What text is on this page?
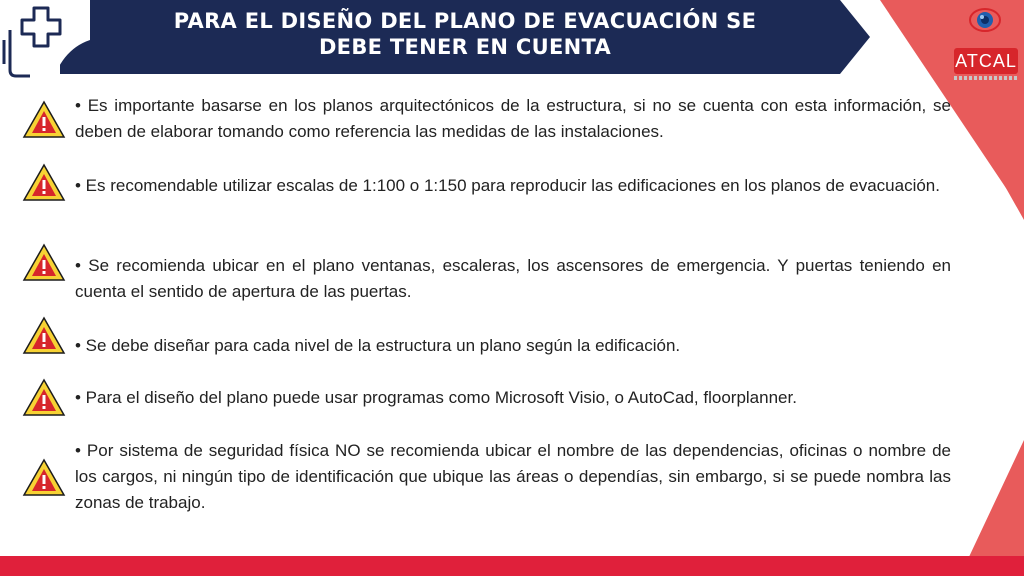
PARA EL DISEÑO DEL PLANO DE EVACUACIÓN SE
DEBE TENER EN CUENTA
ATCAL
• Es importante basarse en los planos arquitectónicos de la estructura, si no se cuenta con esta información, se deben de elaborar tomando como referencia las medidas de las instalaciones.
• Es recomendable utilizar escalas de 1:100 o 1:150 para reproducir las edificaciones en los planos de evacuación.
• Se recomienda ubicar en el plano ventanas, escaleras, los ascensores de emergencia. Y puertas teniendo en cuenta el sentido de apertura de las puertas.
• Se debe diseñar para cada nivel de la estructura un plano según la edificación.
• Para el diseño del plano puede usar programas como Microsoft Visio, o AutoCad, floorplanner.
• Por sistema de seguridad física NO se recomienda ubicar el nombre de las dependencias, oficinas o nombre de los cargos, ni ningún tipo de identificación que ubique las áreas o dependías, sin embargo, si se puede nombra las zonas de trabajo.
